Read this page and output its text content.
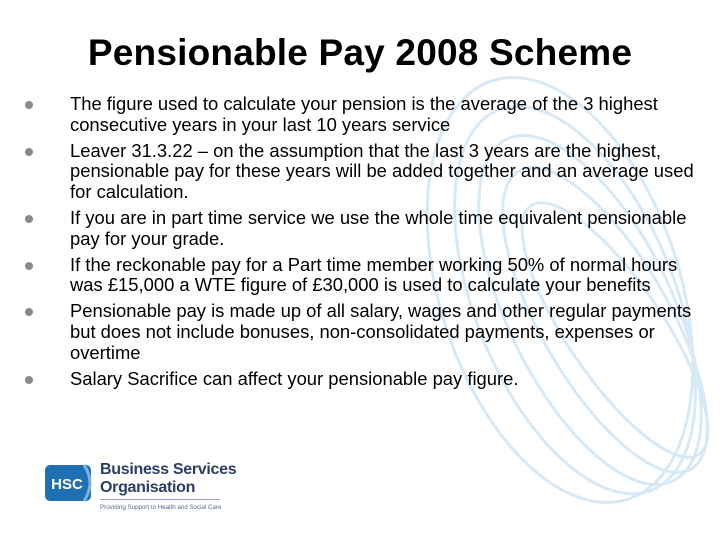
Pensionable Pay 2008 Scheme
The figure used to calculate your pension is the average of the 3 highest consecutive years in your last 10 years service
Leaver 31.3.22 – on the assumption that the last 3 years are the highest, pensionable pay for these years will be added together and an average used for calculation.
If you are in part time service we use the whole time equivalent pensionable pay for your grade.
If the reckonable pay for a Part time member working 50% of normal hours was £15,000 a WTE figure of £30,000 is used to calculate your benefits
Pensionable pay is made up of all salary, wages and other regular payments but does not include bonuses, non-consolidated payments, expenses or overtime
Salary Sacrifice can affect your pensionable pay figure.
HSC
Business Services
Organisation
Providing Support to Health and Social Care
